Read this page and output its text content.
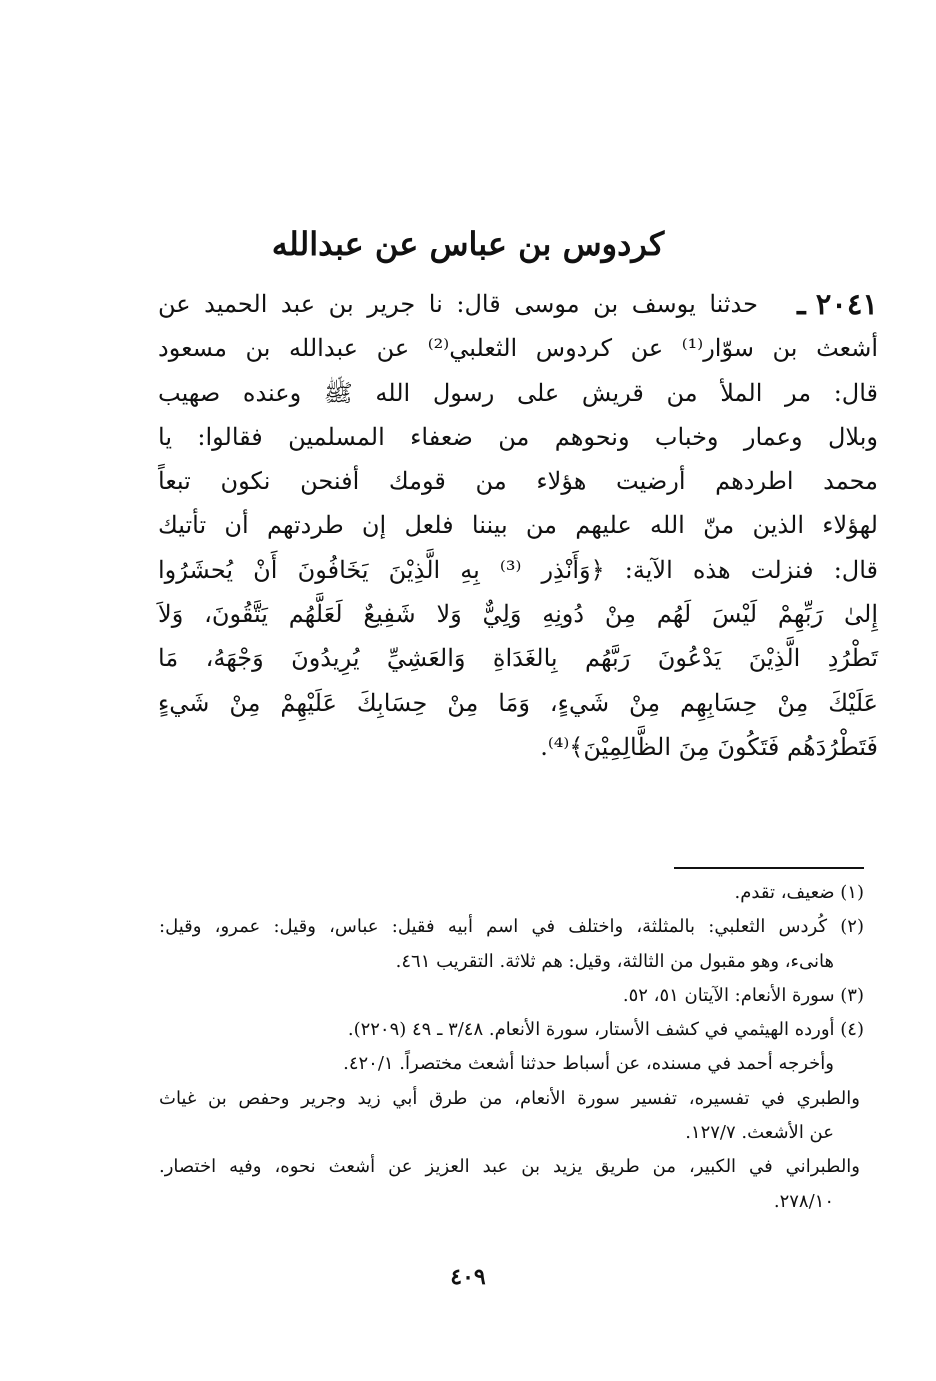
كردوس بن عباس عن عبدالله
٢٠٤١ ـ
حدثنا يوسف بن موسى قال: نا جرير بن عبد الحميد عن
أشعث بن سوّار⁽¹⁾ عن كردوس الثعلبي⁽²⁾ عن عبدالله بن مسعود
قال: مر الملأ من قريش على رسول الله ﷺ وعنده صهيب
وبلال وعمار وخباب ونحوهم من ضعفاء المسلمين فقالوا: يا
محمد اطردهم أرضيت هؤلاء من قومك أفنحن نكون تبعاً
لهؤلاء الذين منّ الله عليهم من بيننا فلعل إن طردتهم أن تأتيك
قال: فنزلت هذه الآية: ﴿وَأَنْذِر ⁽³⁾ بِهِ الَّذِيْنَ يَخَافُونَ أَنْ يُحشَرُوا
إِلىٰ رَبِّهِمْ لَيْسَ لَهُم مِنْ دُونِهِ وَلِيٌّ وَلا شَفِيعٌ لَعَلَّهُم يَتَّقُونَ، وَلاَ
تَطْرُدِ الَّذِيْنَ يَدْعُونَ رَبَّهُم بِالغَدَاةِ وَالعَشِيِّ يُرِيدُونَ وَجْهَهُ، مَا
عَلَيْكَ مِنْ حِسَابِهِم مِنْ شَيءٍ، وَمَا مِنْ حِسَابِكَ عَلَيْهِمْ مِنْ شَيءٍ
فَتَطْرُدَهُم فَتَكُونَ مِنَ الظَّالِمِيْنَ﴾⁽⁴⁾.
(١) ضعيف، تقدم.
(٢) كُردس الثعلبي: بالمثلثة، واختلف في اسم أبيه فقيل: عباس، وقيل: عمرو، وقيل:
هانىء، وهو مقبول من الثالثة، وقيل: هم ثلاثة. التقريب ٤٦١.
(٣) سورة الأنعام: الآيتان ٥١، ٥٢.
(٤) أورده الهيثمي في كشف الأستار، سورة الأنعام. ٣/٤٨ ـ ٤٩ (٢٢٠٩).
وأخرجه أحمد في مسنده، عن أسباط حدثنا أشعث مختصراً. ٤٢٠/١.
والطبري في تفسيره، تفسير سورة الأنعام، من طرق أبي زيد وجرير وحفص بن غياث
عن الأشعث. ١٢٧/٧.
والطبراني في الكبير، من طريق يزيد بن عبد العزيز عن أشعث نحوه، وفيه اختصار.
٢٧٨/١٠.
٤٠٩
